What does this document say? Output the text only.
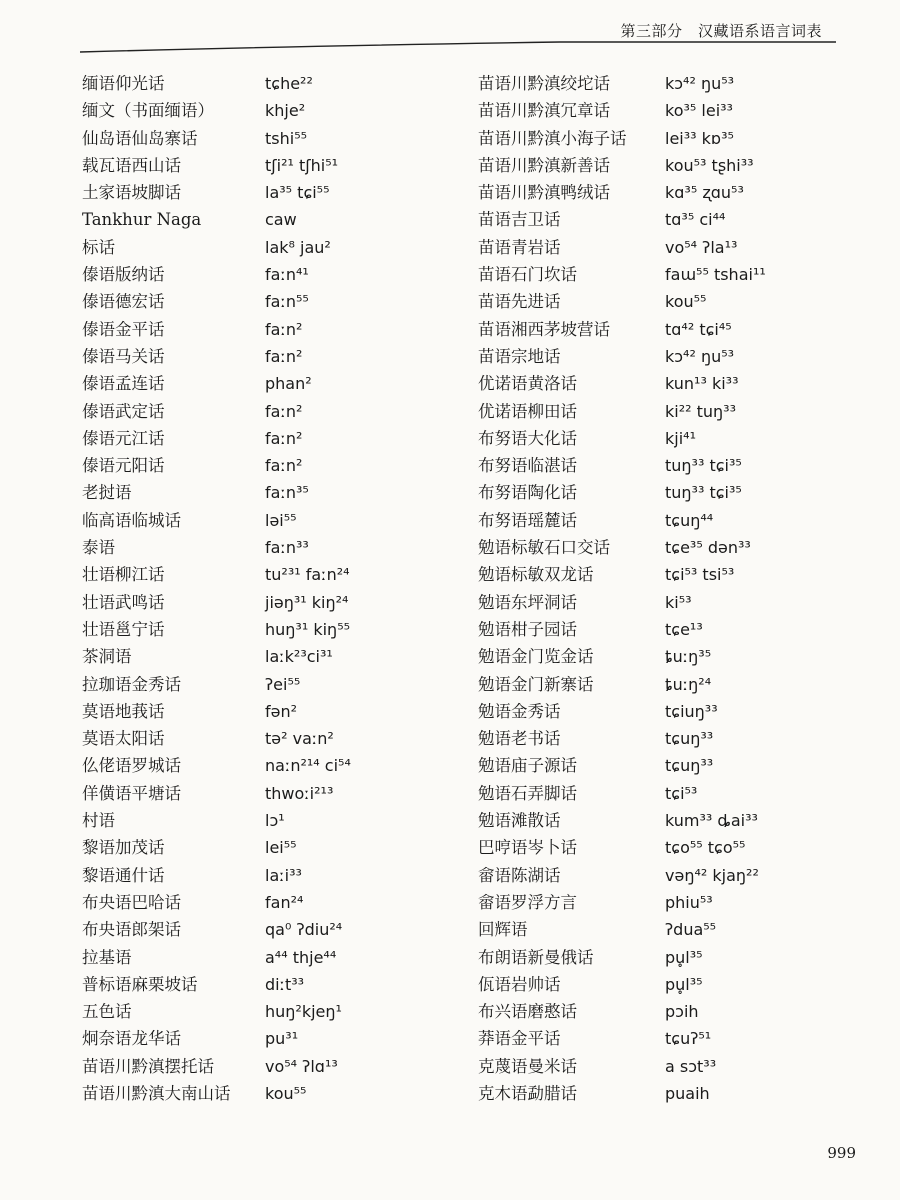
第三部分　汉藏语系语言词表
缅语仰光话	tɕhe²²
缅文（书面缅语）	khje²
仙岛语仙岛寨话	tshi⁵⁵
载瓦语西山话	tʃi²¹ tʃhi⁵¹
土家语坡脚话	la³⁵ tɕi⁵⁵
Tankhur Naga	caw
标话	lak⁸ jau²
傣语版纳话	faːn⁴¹
傣语德宏话	faːn⁵⁵
傣语金平话	faːn²
傣语马关话	faːn²
傣语孟连话	phan²
傣语武定话	faːn²
傣语元江话	faːn²
傣语元阳话	faːn²
老挝语	faːn³⁵
临高语临城话	ləi⁵⁵
泰语	faːn³³
壮语柳江话	tu²³¹ faːn²⁴
壮语武鸣话	jiəŋ³¹ kiŋ²⁴
壮语邕宁话	huŋ³¹ kiŋ⁵⁵
茶洞语	laːk²³ci³¹
拉珈语金秀话	ʔei⁵⁵
莫语地莪话	fən²
莫语太阳话	tə² vaːn²
仫佬语罗城话	naːn²¹⁴ ci⁵⁴
佯僙语平塘话	thwoːi²¹³
村语	lɔ¹
黎语加茂话	lei⁵⁵
黎语通什话	laːi³³
布央语巴哈话	fan²⁴
布央语郎架话	qa⁰ ʔdiu²⁴
拉基语	a⁴⁴ thje⁴⁴
普标语麻栗坡话	diːt³³
五色话	huŋ²kjeŋ¹
炯奈语龙华话	pu³¹
苗语川黔滇摆托话	vo⁵⁴ ʔlɑ¹³
苗语川黔滇大南山话	kou⁵⁵
苗语川黔滇绞坨话	kɔ⁴² ŋu⁵³
苗语川黔滇冗章话	ko³⁵ lei³³
苗语川黔滇小海子话	lei³³ kɒ³⁵
苗语川黔滇新善话	kou⁵³ tʂhi³³
苗语川黔滇鸭绒话	kɑ³⁵ ʐɑu⁵³
苗语吉卫话	tɑ³⁵ ci⁴⁴
苗语青岩话	vo⁵⁴ ʔla¹³
苗语石门坎话	faɯ⁵⁵ tshai¹¹
苗语先进话	kou⁵⁵
苗语湘西茅坡营话	tɑ⁴² tɕi⁴⁵
苗语宗地话	kɔ⁴² ŋu⁵³
优诺语黄洛话	kun¹³ ki³³
优诺语柳田话	ki²² tuŋ³³
布努语大化话	kji⁴¹
布努语临湛话	tuŋ³³ tɕi³⁵
布努语陶化话	tuŋ³³ tɕi³⁵
布努语瑶麓话	tɕuŋ⁴⁴
勉语标敏石口交话	tɕe³⁵ dən³³
勉语标敏双龙话	tɕi⁵³ tsi⁵³
勉语东坪洞话	ki⁵³
勉语柑子园话	tɕe¹³
勉语金门览金话	ȶuːŋ³⁵
勉语金门新寨话	ȶuːŋ²⁴
勉语金秀话	tɕiuŋ³³
勉语老书话	tɕuŋ³³
勉语庙子源话	tɕuŋ³³
勉语石弄脚话	tɕi⁵³
勉语滩散话	kum³³ ȡai³³
巴哼语岑卜话	tɕo⁵⁵ tɕo⁵⁵
畲语陈湖话	vəŋ⁴² kjaŋ²²
畲语罗浮方言	phiu⁵³
回辉语	ʔdua⁵⁵
布朗语新曼俄话	pu̥l³⁵
佤语岩帅话	pu̥l³⁵
布兴语磨憨话	pɔih
莽语金平话	tɕuʔ⁵¹
克蔑语曼米话	a sɔt³³
克木语勐腊话	puaih
999
